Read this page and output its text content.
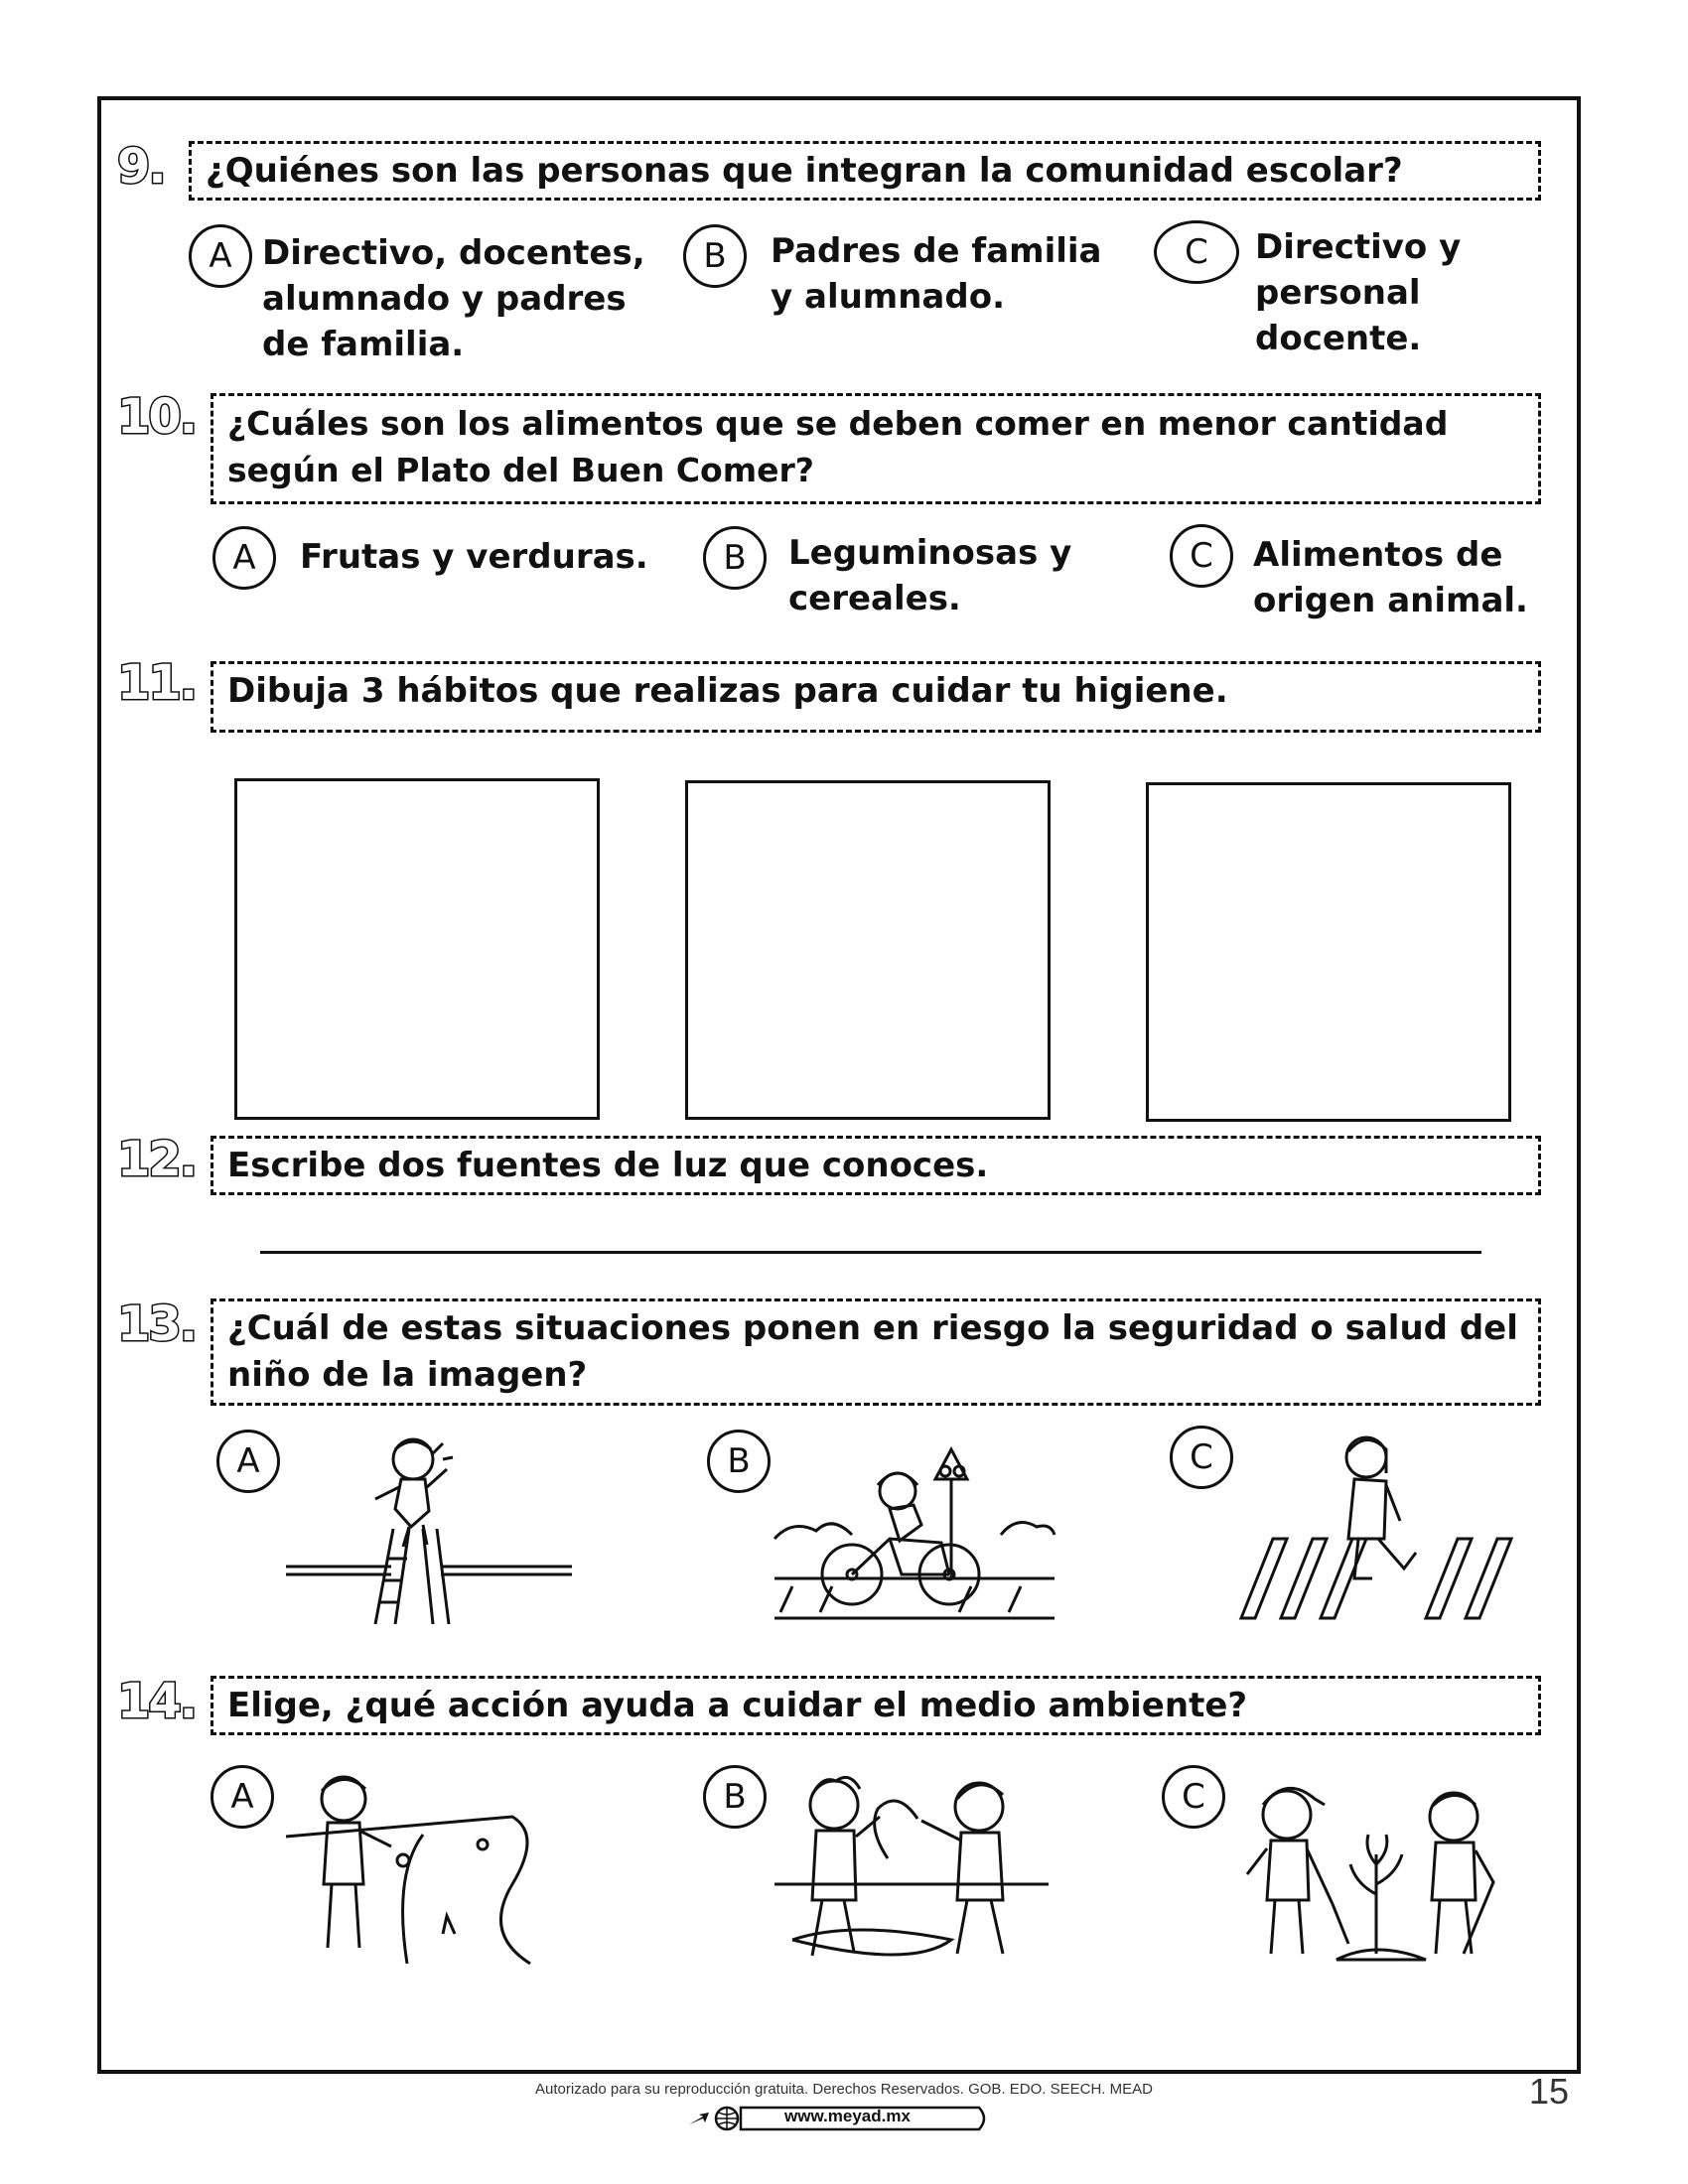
9.	¿Quiénes son las personas que integran la comunidad escolar?
A Directivo, docentes,
alumnado y padres
de familia.
B	Padres de familia
y alumnado.
C	Directivo y
personal
docente.
10. ¿Cuáles son los alimentos que se deben comer en menor cantidad
según el Plato del Buen Comer?
A	Frutas y verduras.	B	Leguminosas y
cereales.
C	Alimentos de
origen animal.
11. Dibuja 3 hábitos que realizas para cuidar tu higiene.
12. Escribe dos fuentes de luz que conoces.
13. ¿Cuál de estas situaciones ponen en riesgo la seguridad o salud del
niño de la imagen?
A	B	C
14. Elige, ¿qué acción ayuda a cuidar el medio ambiente?
A	B	C
Autorizado para su reproducción gratuita. Derechos Reservados. GOB. EDO. SEECH. MEAD
www.meyad.mx
15
